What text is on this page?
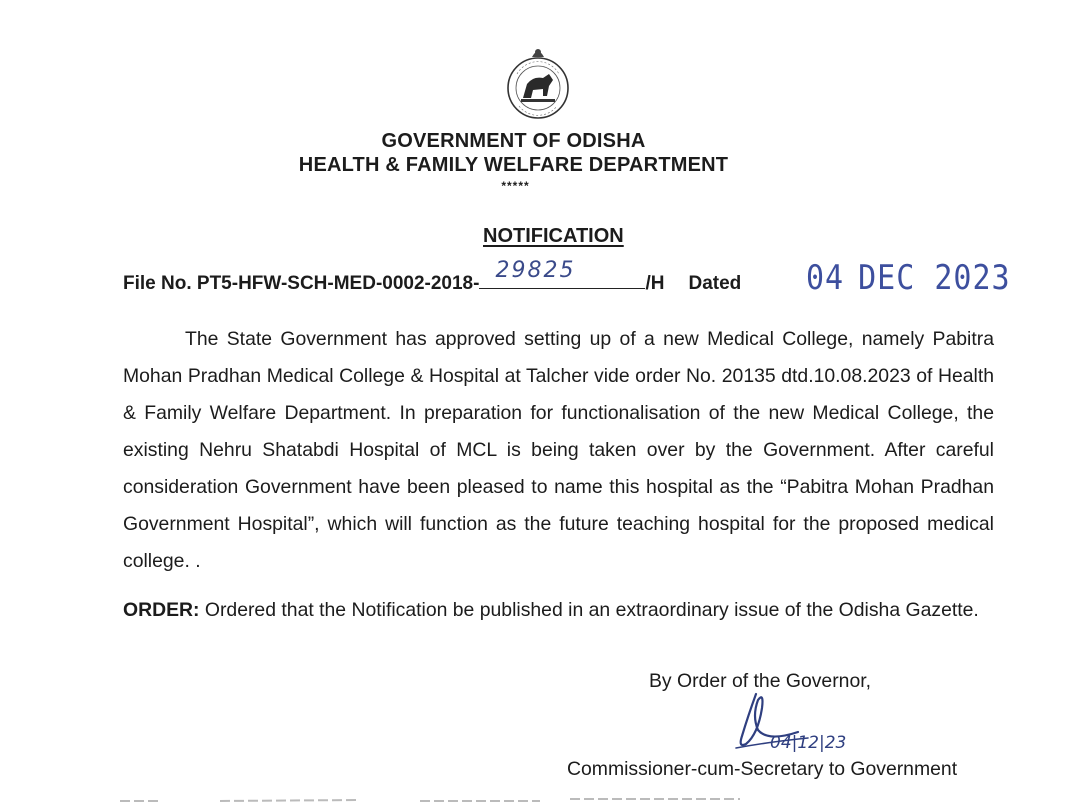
GOVERNMENT OF ODISHA
HEALTH & FAMILY WELFARE DEPARTMENT
*****
NOTIFICATION
File No. PT5-HFW-SCH-MED-0002-2018-
29825
/H Dated 04 DEC 2023

The State Government has approved setting up of a new Medical College, namely Pabitra Mohan Pradhan Medical College & Hospital at Talcher vide order No. 20135 dtd.10.08.2023 of Health & Family Welfare Department. In preparation for functionalisation of the new Medical College, the existing Nehru Shatabdi Hospital of MCL is being taken over by the Government. After careful consideration Government have been pleased to name this hospital as the “Pabitra Mohan Pradhan Government Hospital”, which will function as the future teaching hospital for the proposed medical college. .

ORDER: Ordered that the Notification be published in an extraordinary issue of the Odisha Gazette.

By Order of the Governor,
04|12|23
Commissioner-cum-Secretary to Government
